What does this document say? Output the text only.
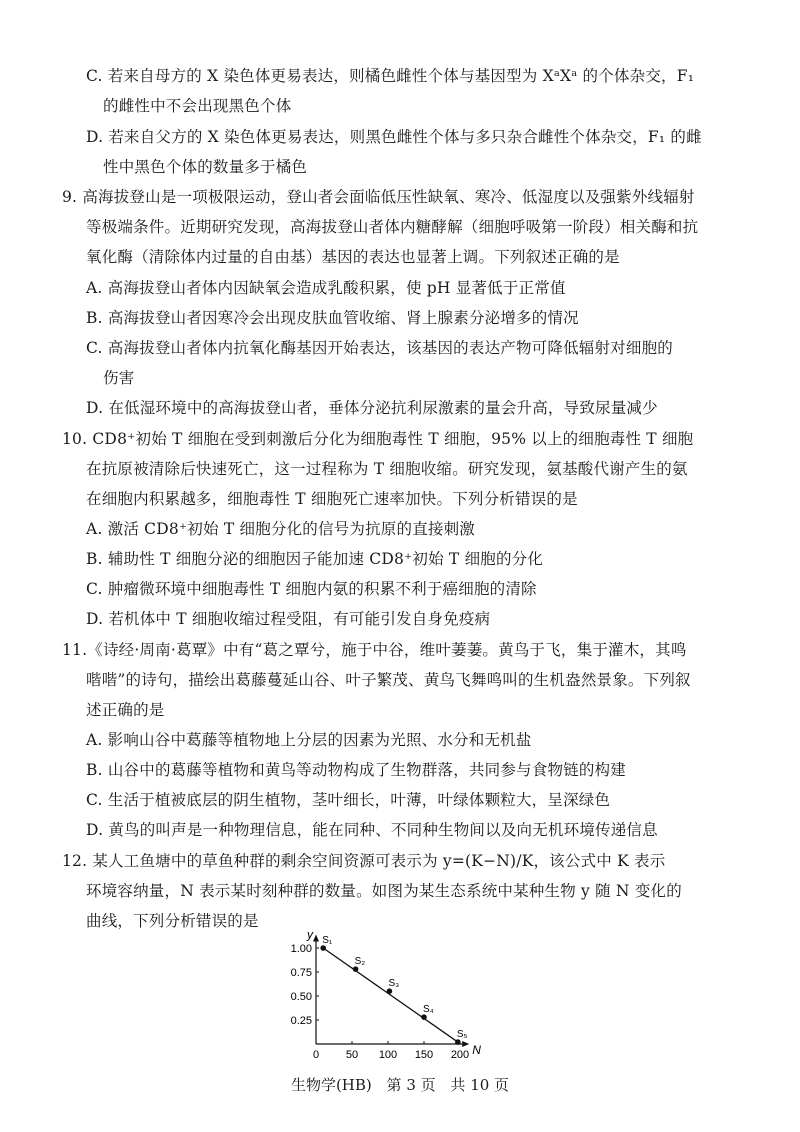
C. 若来自母方的 X 染色体更易表达，则橘色雌性个体与基因型为 XᵃXᵃ 的个体杂交，F₁
的雌性中不会出现黑色个体
D. 若来自父方的 X 染色体更易表达，则黑色雌性个体与多只杂合雌性个体杂交，F₁ 的雌
性中黑色个体的数量多于橘色
9. 高海拔登山是一项极限运动，登山者会面临低压性缺氧、寒冷、低湿度以及强紫外线辐射
等极端条件。近期研究发现，高海拔登山者体内糖酵解（细胞呼吸第一阶段）相关酶和抗
氧化酶（清除体内过量的自由基）基因的表达也显著上调。下列叙述正确的是
A. 高海拔登山者体内因缺氧会造成乳酸积累，使 pH 显著低于正常值
B. 高海拔登山者因寒冷会出现皮肤血管收缩、肾上腺素分泌增多的情况
C. 高海拔登山者体内抗氧化酶基因开始表达，该基因的表达产物可降低辐射对细胞的
伤害
D. 在低湿环境中的高海拔登山者，垂体分泌抗利尿激素的量会升高，导致尿量减少
10. CD8⁺初始 T 细胞在受到刺激后分化为细胞毒性 T 细胞，95% 以上的细胞毒性 T 细胞
在抗原被清除后快速死亡，这一过程称为 T 细胞收缩。研究发现，氨基酸代谢产生的氨
在细胞内积累越多，细胞毒性 T 细胞死亡速率加快。下列分析错误的是
A. 激活 CD8⁺初始 T 细胞分化的信号为抗原的直接刺激
B. 辅助性 T 细胞分泌的细胞因子能加速 CD8⁺初始 T 细胞的分化
C. 肿瘤微环境中细胞毒性 T 细胞内氨的积累不利于癌细胞的清除
D. 若机体中 T 细胞收缩过程受阻，有可能引发自身免疫病
11.《诗经·周南·葛覃》中有“葛之覃兮，施于中谷，维叶萋萋。黄鸟于飞，集于灌木，其鸣
喈喈”的诗句，描绘出葛藤蔓延山谷、叶子繁茂、黄鸟飞舞鸣叫的生机盎然景象。下列叙
述正确的是
A. 影响山谷中葛藤等植物地上分层的因素为光照、水分和无机盐
B. 山谷中的葛藤等植物和黄鸟等动物构成了生物群落，共同参与食物链的构建
C. 生活于植被底层的阴生植物，茎叶细长，叶薄，叶绿体颗粒大，呈深绿色
D. 黄鸟的叫声是一种物理信息，能在同种、不同种生物间以及向无机环境传递信息
12. 某人工鱼塘中的草鱼种群的剩余空间资源可表示为 y=(K−N)/K，该公式中 K 表示
环境容纳量，N 表示某时刻种群的数量。如图为某生态系统中某种生物 y 随 N 变化的
曲线，下列分析错误的是
N
y
0 50 100 150 200
0.25
0.50
0.75
1.00
S₁
S₂
S₃
S₄
S₅
生物学(HB) 第 3 页 共 10 页
